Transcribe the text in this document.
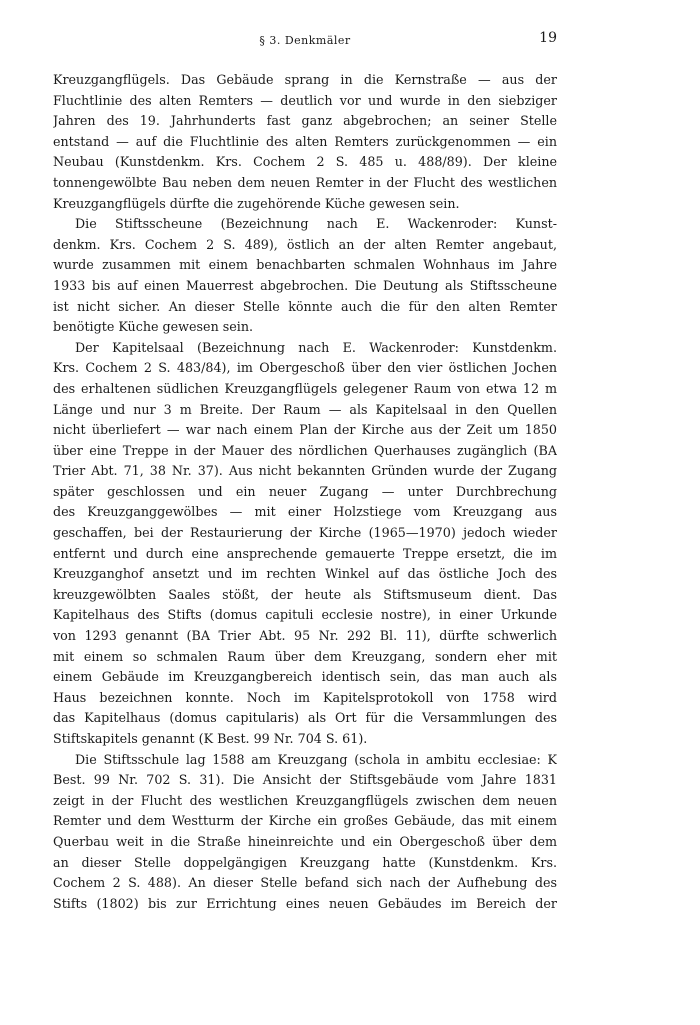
§ 3. Denkmäler	19
Kreuzgangflügels. Das Gebäude sprang in die Kernstraße — aus der
Fluchtlinie des alten Remters — deutlich vor und wurde in den siebziger
Jahren des 19. Jahrhunderts fast ganz abgebrochen; an seiner Stelle
entstand — auf die Fluchtlinie des alten Remters zurückgenommen — ein
Neubau (Kunstdenkm. Krs. Cochem 2 S. 485 u. 488/89). Der kleine
tonnengewölbte Bau neben dem neuen Remter in der Flucht des westlichen
Kreuzgangflügels dürfte die zugehörende Küche gewesen sein.
Die Stiftsscheune (Bezeichnung nach E. Wackenroder: Kunst-
denkm. Krs. Cochem 2 S. 489), östlich an der alten Remter angebaut,
wurde zusammen mit einem benachbarten schmalen Wohnhaus im Jahre
1933 bis auf einen Mauerrest abgebrochen. Die Deutung als Stiftsscheune
ist nicht sicher. An dieser Stelle könnte auch die für den alten Remter
benötigte Küche gewesen sein.
Der Kapitelsaal (Bezeichnung nach E. Wackenroder: Kunstdenkm.
Krs. Cochem 2 S. 483/84), im Obergeschoß über den vier östlichen Jochen
des erhaltenen südlichen Kreuzgangflügels gelegener Raum von etwa 12 m
Länge und nur 3 m Breite. Der Raum — als Kapitelsaal in den Quellen
nicht überliefert — war nach einem Plan der Kirche aus der Zeit um 1850
über eine Treppe in der Mauer des nördlichen Querhauses zugänglich (BA
Trier Abt. 71, 38 Nr. 37). Aus nicht bekannten Gründen wurde der Zugang
später geschlossen und ein neuer Zugang — unter Durchbrechung
des Kreuzganggewölbes — mit einer Holzstiege vom Kreuzgang aus
geschaffen, bei der Restaurierung der Kirche (1965—1970) jedoch wieder
entfernt und durch eine ansprechende gemauerte Treppe ersetzt, die im
Kreuzganghof ansetzt und im rechten Winkel auf das östliche Joch des
kreuzgewölbten Saales stößt, der heute als Stiftsmuseum dient. Das
Kapitelhaus des Stifts (domus capituli ecclesie nostre), in einer Urkunde
von 1293 genannt (BA Trier Abt. 95 Nr. 292 Bl. 11), dürfte schwerlich
mit einem so schmalen Raum über dem Kreuzgang, sondern eher mit
einem Gebäude im Kreuzgangbereich identisch sein, das man auch als
Haus bezeichnen konnte. Noch im Kapitelsprotokoll von 1758 wird
das Kapitelhaus (domus capitularis) als Ort für die Versammlungen des
Stiftskapitels genannt (K Best. 99 Nr. 704 S. 61).
Die Stiftsschule lag 1588 am Kreuzgang (schola in ambitu ecclesiae: K
Best. 99 Nr. 702 S. 31). Die Ansicht der Stiftsgebäude vom Jahre 1831
zeigt in der Flucht des westlichen Kreuzgangflügels zwischen dem neuen
Remter und dem Westturm der Kirche ein großes Gebäude, das mit einem
Querbau weit in die Straße hineinreichte und ein Obergeschoß über dem
an dieser Stelle doppelgängigen Kreuzgang hatte (Kunstdenkm. Krs.
Cochem 2 S. 488). An dieser Stelle befand sich nach der Aufhebung des
Stifts (1802) bis zur Errichtung eines neuen Gebäudes im Bereich der
